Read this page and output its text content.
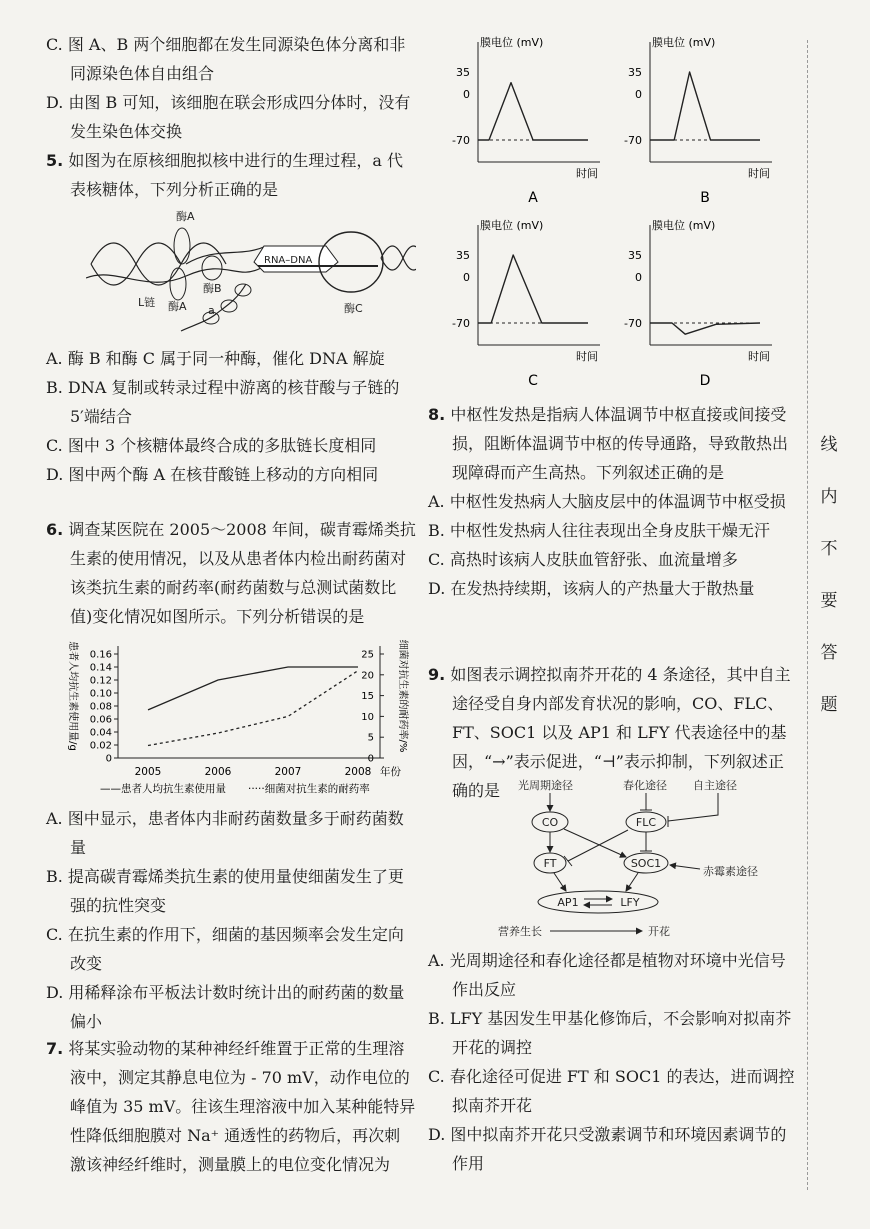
C. 图 A、B 两个细胞都在发生同源染色体分离和非同源染色体自由组合
D. 由图 B 可知，该细胞在联会形成四分体时，没有发生染色体交换
5. 如图为在原核细胞拟核中进行的生理过程，a 代表核糖体，下列分析正确的是
酶A
酶A
酶B
酶C
RNA–DNA
L链
a
A. 酶 B 和酶 C 属于同一种酶，催化 DNA 解旋
B. DNA 复制或转录过程中游离的核苷酸与子链的 5′端结合
C. 图中 3 个核糖体最终合成的多肽链长度相同
D. 图中两个酶 A 在核苷酸链上移动的方向相同
6. 调查某医院在 2005～2008 年间，碳青霉烯类抗生素的使用情况，以及从患者体内检出耐药菌对该类抗生素的耐药率(耐药菌数与总测试菌数比值)变化情况如图所示。下列分析错误的是
患者人均抗生素使用量/g	细菌对抗生素的耐药率/%
0
0.02
0.04
0.06
0.08
0.10
0.12
0.14
0.16
0
5
10
15
20
25
2005	2006	2007	2008 年份
——患者人均抗生素使用量 ·····细菌对抗生素的耐药率
A. 图中显示，患者体内非耐药菌数量多于耐药菌数量
B. 提高碳青霉烯类抗生素的使用量使细菌发生了更强的抗性突变
C. 在抗生素的作用下，细菌的基因频率会发生定向改变
D. 用稀释涂布平板法计数时统计出的耐药菌的数量偏小
7. 将某实验动物的某种神经纤维置于正常的生理溶液中，测定其静息电位为 - 70 mV，动作电位的峰值为 35 mV。往该生理溶液中加入某种能特异性降低细胞膜对 Na⁺ 通透性的药物后，再次刺激该神经纤维时，测量膜上的电位变化情况为
膜电位 (mV)
时间
35
0
-70
A
膜电位 (mV)
时间
35
0
-70
B
膜电位 (mV)
时间
35
0
-70
C
膜电位 (mV)
时间
35
0
-70
D
8. 中枢性发热是指病人体温调节中枢直接或间接受损，阻断体温调节中枢的传导通路，导致散热出现障碍而产生高热。下列叙述正确的是
A. 中枢性发热病人大脑皮层中的体温调节中枢受损
B. 中枢性发热病人往往表现出全身皮肤干燥无汗
C. 高热时该病人皮肤血管舒张、血流量增多
D. 在发热持续期，该病人的产热量大于散热量
9. 如图表示调控拟南芥开花的 4 条途径，其中自主途径受自身内部发育状况的影响，CO、FLC、FT、SOC1 以及 AP1 和 LFY 代表途径中的基因，“→”表示促进，“⊣”表示抑制，下列叙述正确的是	光周期途径	春化途径 自主途径
赤霉素途径
营养生长	开花
CO	FLC
FT	SOC1
AP1	LFY
A. 光周期途径和春化途径都是植物对环境中光信号作出反应
B. LFY 基因发生甲基化修饰后，不会影响对拟南芥开花的调控
C. 春化途径可促进 FT 和 SOC1 的表达，进而调控拟南芥开花
D. 图中拟南芥开花只受激素调节和环境因素调节的作用
线
内
不
要
答
题
